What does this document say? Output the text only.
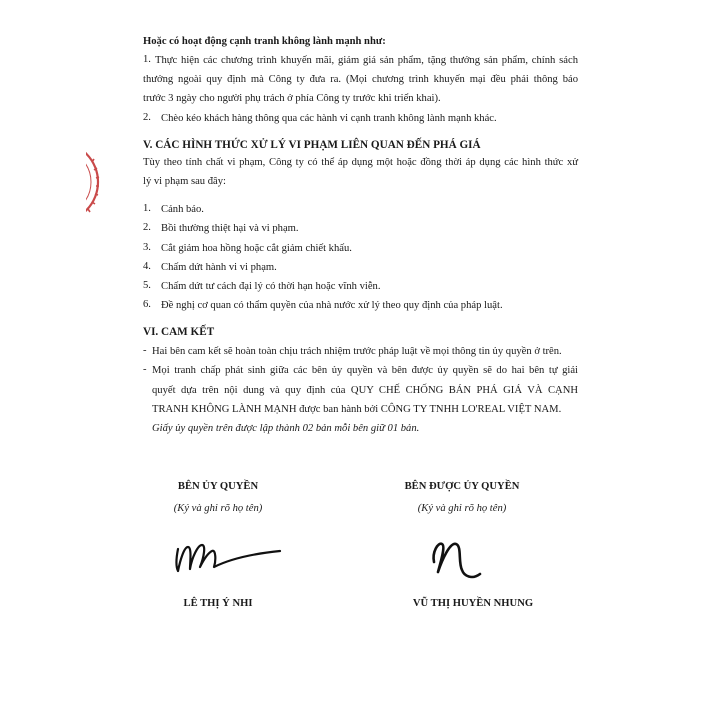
Hoặc có hoạt động cạnh tranh không lành mạnh như:
1. Thực hiện các chương trình khuyến mãi, giảm giá sản phẩm, tặng thưởng sản phẩm, chính sách
thưởng ngoài quy định mà Công ty đưa ra. (Mọi chương trình khuyến mại đều phải thông báo
trước 3 ngày cho người phụ trách ở phía Công ty trước khi triển khai).
2. Chèo kéo khách hàng thông qua các hành vi cạnh tranh không lành mạnh khác.
V. CÁC HÌNH THỨC XỬ LÝ VI PHẠM LIÊN QUAN ĐẾN PHÁ GIÁ
Tùy theo tính chất vi phạm, Công ty có thể áp dụng một hoặc đồng thời áp dụng các hình thức xử
lý vi phạm sau đây:
1. Cảnh báo.
2. Bồi thường thiệt hại và vi phạm.
3. Cắt giảm hoa hồng hoặc cắt giảm chiết khấu.
4. Chấm dứt hành vi vi phạm.
5. Chấm dứt tư cách đại lý có thời hạn hoặc vĩnh viễn.
6. Đề nghị cơ quan có thẩm quyền của nhà nước xử lý theo quy định của pháp luật.
VI. CAM KẾT
- Hai bên cam kết sẽ hoàn toàn chịu trách nhiệm trước pháp luật về mọi thông tin ủy quyền ở trên.
- Mọi tranh chấp phát sinh giữa các bên ủy quyền và bên được ủy quyền sẽ do hai bên tự giải
quyết dựa trên nội dung và quy định của QUY CHẾ CHỐNG BÁN PHÁ GIÁ VÀ CẠNH
TRANH KHÔNG LÀNH MẠNH được ban hành bởi CÔNG TY TNHH LO'REAL VIỆT NAM.
Giấy ủy quyền trên được lập thành 02 bản mỗi bên giữ 01 bản.
BÊN ỦY QUYỀN
(Ký và ghi rõ họ tên)
BÊN ĐƯỢC ỦY QUYỀN
(Ký và ghi rõ họ tên)
LÊ THỊ Ý NHI	VŨ THỊ HUYỀN NHUNG
